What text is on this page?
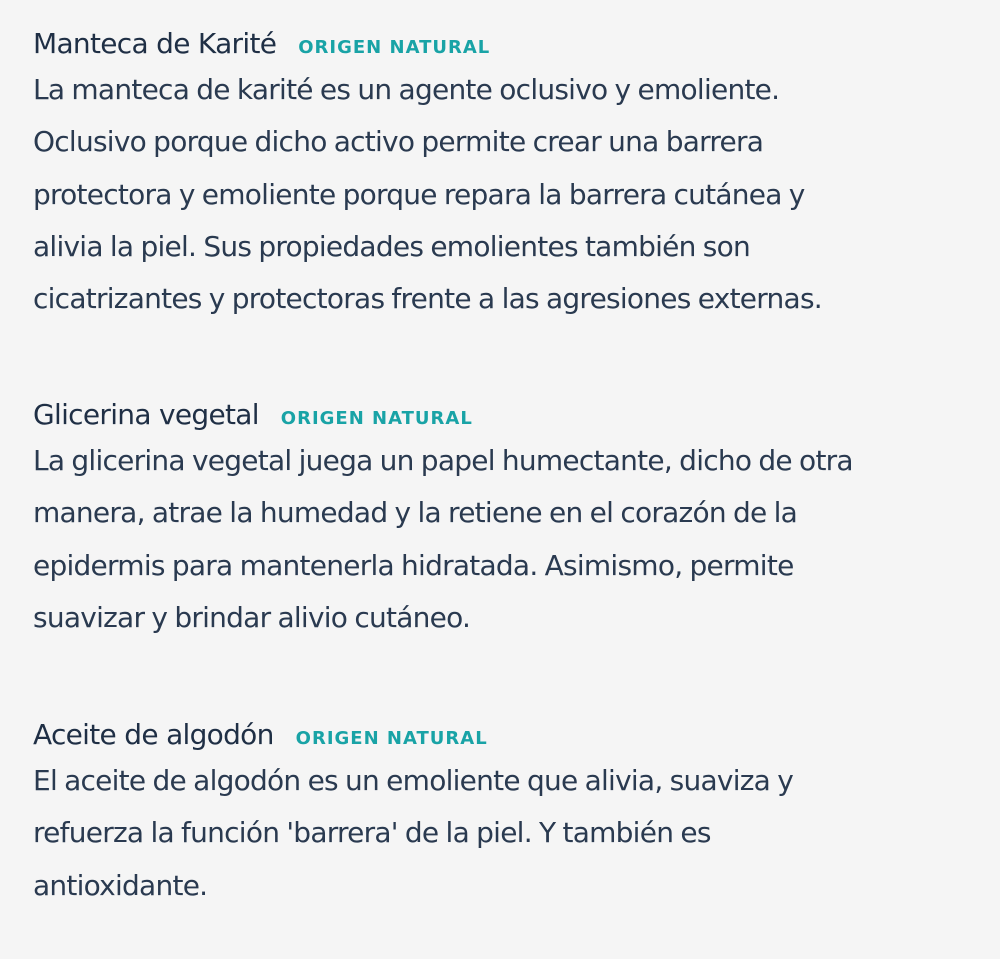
Manteca de Karité ORIGEN NATURAL

La manteca de karité es un agente oclusivo y emoliente.
Oclusivo porque dicho activo permite crear una barrera
protectora y emoliente porque repara la barrera cutánea y
alivia la piel. Sus propiedades emolientes también son
cicatrizantes y protectoras frente a las agresiones externas.

Glicerina vegetal ORIGEN NATURAL

La glicerina vegetal juega un papel humectante, dicho de otra
manera, atrae la humedad y la retiene en el corazón de la
epidermis para mantenerla hidratada. Asimismo, permite
suavizar y brindar alivio cutáneo.

Aceite de algodón ORIGEN NATURAL

El aceite de algodón es un emoliente que alivia, suaviza y
refuerza la función 'barrera' de la piel. Y también es
antioxidante.
